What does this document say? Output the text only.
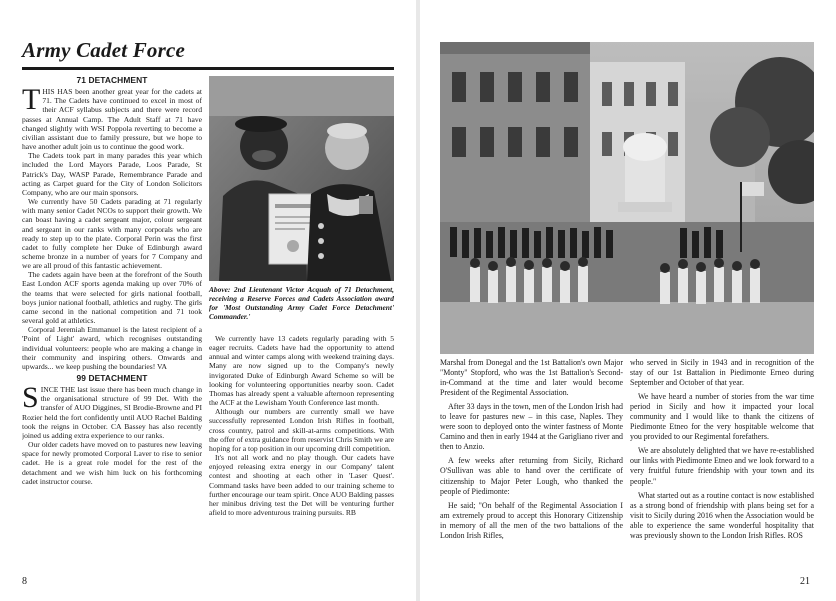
Army Cadet Force
71 DETACHMENT

THIS HAS been another great year for the cadets at 71. The Cadets have continued to excel in most of their ACF syllabus subjects and there were record passes at Annual Camp. The Adult Staff at 71 have changed slightly with WSI Poppola reverting to become a civilian assistant due to family pressure, but we hope to have another adult join us to continue the good work.

The Cadets took part in many parades this year which included the Lord Mayors Parade, Loos Parade, St Patrick's Day, WASP Parade, Remembrance Parade and acting as Carpet guard for the City of London Solicitors Company, who are our main sponsors.

We currently have 50 Cadets parading at 71 regularly with many senior Cadet NCOs to support their growth. We can boast having a cadet sergeant major, colour sergeant and sergeant in our ranks with many corporals who are ready to step up to the plate. Corporal Perin was the first cadet to fully complete her Duke of Edinburgh award scheme bronze in a number of years for 7 Company and we are all proud of this fantastic achievement.

The cadets again have been at the forefront of the South East London ACF sports agenda making up over 70% of the teams that were selected for girls national football, boys junior national football, athletics and rugby. The girls came second in the national competition and 71 took several gold at athletics.

Corporal Jeremiah Emmanuel is the latest recipient of a 'Point of Light' award, which recognises outstanding individual volunteers: people who are making a change in their community and inspiring others. Onwards and upwards... we keep pushing the boundaries! VA

99 DETACHMENT

SINCE THE last issue there has been much change in the organisational structure of 99 Det. With the transfer of AUO Diggines, SI Brodie-Browne and PI Rozier held the fort confidently until AUO Rachel Balding took the reigns in October. CA Bassey has also recently joined us adding extra experience to our ranks.

Our older cadets have moved on to pastures new leaving space for newly promoted Corporal Laver to rise to senior cadet. He is a great role model for the rest of the detachment and we wish him luck on his forthcoming cadet instructor course.

Above: 2nd Lieutenant Victor Acquah of 71 Detachment, receiving a Reserve Forces and Cadets Association award for 'Most Outstanding Army Cadet Force Detachment' Commander.'

We currently have 13 cadets regularly parading with 5 eager recruits. Cadets have had the opportunity to attend annual and winter camps along with weekend training days. Many are now signed up to the Company's newly invigorated Duke of Edinburgh Award Scheme so will be looking for volunteering opportunities nearby soon. Cadet Thomas has already spent a valuable afternoon representing the ACF at the Lewisham Youth Conference last month.

Although our numbers are currently small we have successfully represented London Irish Rifles in football, cross country, patrol and skill-at-arms competitions. With the offer of extra guidance from reservist Chris Smith we are hoping for a top position in our upcoming drill competition.

It's not all work and no play though. Our cadets have enjoyed releasing extra energy in our Company' talent contest and shooting at each other in 'Laser Quest'. Command tasks have been added to our training scheme to further encourage our team spirit. Once AUO Balding passes her minibus driving test the Det will be venturing further afield to more adventurous training pursuits. RB

8

Marshal from Donegal and the 1st Battalion's own Major "Monty" Stopford, who was the 1st Battalion's Second-in-Command at the time and later would become President of the Regimental Association.

After 33 days in the town, men of the London Irish had to leave for pastures new – in this case, Naples. They were soon to deployed onto the winter fastness of Monte Camino and then in early 1944 at the Garigliano river and then to Anzio.

A few weeks after returning from Sicily, Richard O'Sullivan was able to hand over the certificate of citizenship to Major Peter Lough, who thanked the people of Piedimonte:

He said; "On behalf of the Regimental Association I am extremely proud to accept this Honorary Citizenship in memory of all the men of the two battalions of the London Irish Rifles,

who served in Sicily in 1943 and in recognition of the stay of our 1st Battalion in Piedimonte Erneo during September and October of that year.

We have heard a number of stories from the war time period in Sicily and how it impacted your local community and I would like to thank the citizens of Piedimonte Etneo for the very hospitable welcome that you provided to our Regimental forefathers.

We are absolutely delighted that we have re-established our links with Piedimonte Etneo and we look forward to a very fruitful future friendship with your town and its people."

What started out as a routine contact is now established as a strong bond of friendship with plans being set for a visit to Sicily during 2016 when the Association would be able to experience the same wonderful hospitality that was previously shown to the London Irish Rifles. ROS

21
